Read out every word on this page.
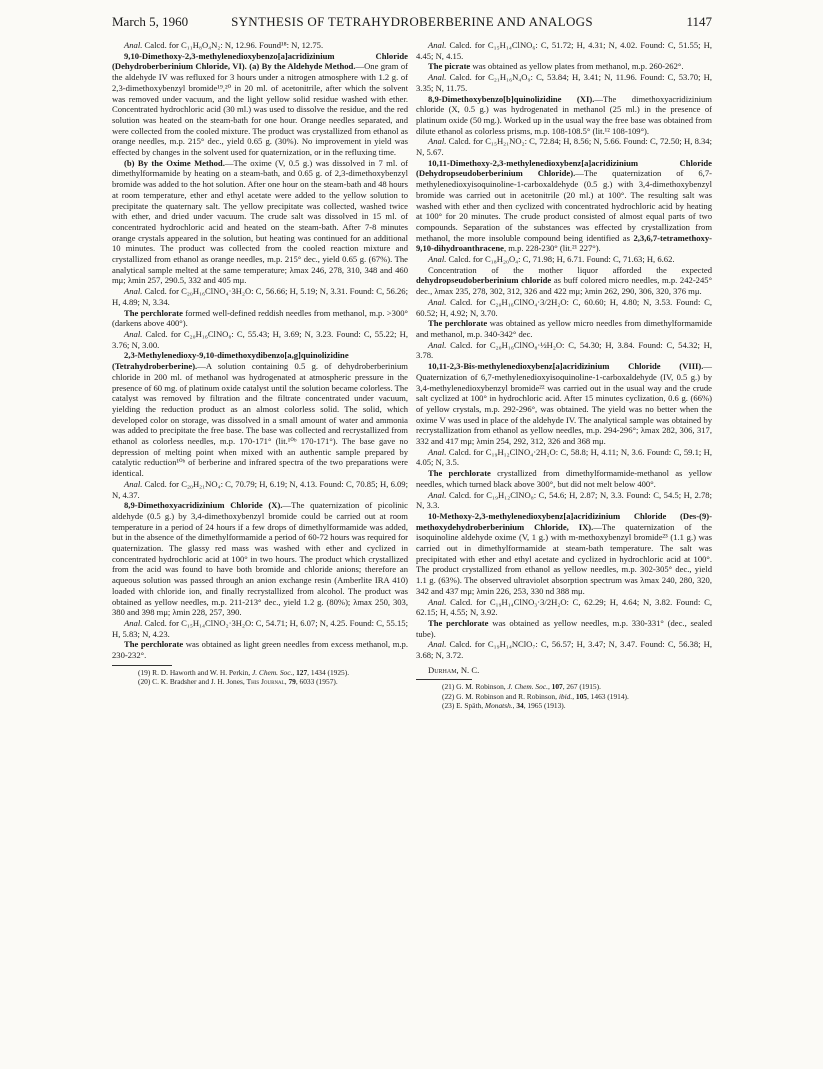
March 5, 1960	SYNTHESIS OF TETRAHYDROBERBERINE AND ANALOGS	1147

Anal. Calcd. for C₁₁H₈O₄N₂: N, 12.96. Found¹⁸: N, 12.75.

9,10-Dimethoxy-2,3-methylenedioxybenzo[a]acridizinium Chloride (Dehydroberberinium Chloride, VI). (a) By the Aldehyde Method.—One gram of the aldehyde IV was refluxed for 3 hours under a nitrogen atmosphere with 1.2 g. of 2,3-dimethoxybenzyl bromide¹⁹,²⁰ in 20 ml. of acetonitrile, after which the solvent was removed under vacuum, and the light yellow solid residue washed with ether. Concentrated hydrochloric acid (30 ml.) was used to dissolve the residue, and the red solution was heated on the steam-bath for one hour. Orange needles separated, and were collected from the cooled mixture. The product was crystallized from ethanol as orange needles, m.p. 215° dec., yield 0.65 g. (30%). No improvement in yield was effected by changes in the solvent used for quaternization, or in the refluxing time.

(b) By the Oxime Method.—The oxime (V, 0.5 g.) was dissolved in 7 ml. of dimethylformamide by heating on a steam-bath, and 0.65 g. of 2,3-dimethoxybenzyl bromide was added to the hot solution. After one hour on the steam-bath and 48 hours at room temperature, ether and ethyl acetate were added to the yellow solution to precipitate the quaternary salt. The yellow precipitate was collected, washed twice with ether, and dried under vacuum. The crude salt was dissolved in 15 ml. of concentrated hydrochloric acid and heated on the steam-bath. After 7-8 minutes orange crystals appeared in the solution, but heating was continued for an additional 10 minutes. The product was collected from the cooled reaction mixture and crystallized from ethanol as orange needles, m.p. 215° dec., yield 0.65 g. (67%). The analytical sample melted at the same temperature; λmax 246, 278, 310, 348 and 460 mμ; λmin 257, 290.5, 332 and 405 mμ.

Anal. Calcd. for C₂₀H₁₆ClNO₄·3H₂O: C, 56.66; H, 5.19; N, 3.31. Found: C, 56.26; H, 4.89; N, 3.34.

The perchlorate formed well-defined reddish needles from methanol, m.p. >300° (darkens above 400°).

Anal. Calcd. for C₂₀H₁₆ClNO₈: C, 55.43; H, 3.69; N, 3.23. Found: C, 55.22; H, 3.76; N, 3.00.

2,3-Methylenedioxy-9,10-dimethoxydibenzo[a,g]quinolizidine (Tetrahydroberberine).—A solution containing 0.5 g. of dehydroberberinium chloride in 200 ml. of methanol was hydrogenated at atmospheric pressure in the presence of 60 mg. of platinum oxide catalyst until the solution became colorless. The catalyst was removed by filtration and the filtrate concentrated under vacuum, yielding the reduction product as an almost colorless solid. The solid, which developed color on storage, was dissolved in a small amount of water and ammonia was added to precipitate the free base. The base was collected and recrystallized from ethanol as colorless needles, m.p. 170-171° (lit.¹⁰ᵇ 170-171°). The base gave no depression of melting point when mixed with an authentic sample prepared by catalytic reduction¹⁰ᵇ of berberine and infrared spectra of the two preparations were identical.

Anal. Calcd. for C₂₀H₂₁NO₄: C, 70.79; H, 6.19; N, 4.13. Found: C, 70.85; H, 6.09; N, 4.37.

8,9-Dimethoxyacridizinium Chloride (X).—The quaternization of picolinic aldehyde (0.5 g.) by 3,4-dimethoxybenzyl bromide could be carried out at room temperature in a period of 24 hours if a few drops of dimethylformamide was added, but in the absence of the dimethylformamide a period of 60-72 hours was required for quaternization. The glassy red mass was washed with ether and cyclized in concentrated hydrochloric acid at 100° in two hours. The product which crystallized from the acid was found to have both bromide and chloride anions; therefore an aqueous solution was passed through an anion exchange resin (Amberlite IRA 410) loaded with chloride ion, and finally recrystallized from alcohol. The product was obtained as yellow needles, m.p. 211-213° dec., yield 1.2 g. (80%); λmax 250, 303, 380 and 398 mμ; λmin 228, 257, 390.

Anal. Calcd. for C₁₅H₁₄ClNO₂·3H₂O: C, 54.71; H, 6.07; N, 4.25. Found: C, 55.15; H, 5.83; N, 4.23.

The perchlorate was obtained as light green needles from excess methanol, m.p. 230-232°.

(19) R. D. Haworth and W. H. Perkin, J. Chem. Soc., 127, 1434 (1925).

(20) C. K. Bradsher and J. H. Jones, This Journal, 79, 6033 (1957).

Anal. Calcd. for C₁₅H₁₄ClNO₆: C, 51.72; H, 4.31; N, 4.02. Found: C, 51.55; H, 4.45; N, 4.15.

The picrate was obtained as yellow plates from methanol, m.p. 260-262°.

Anal. Calcd. for C₂₁H₁₆N₄O₉: C, 53.84; H, 3.41; N, 11.96. Found: C, 53.70; H, 3.35; N, 11.75.

8,9-Dimethoxybenzo[b]quinolizidine (XI).—The dimethoxyacridizinium chloride (X, 0.5 g.) was hydrogenated in methanol (25 ml.) in the presence of platinum oxide (50 mg.). Worked up in the usual way the free base was obtained from dilute ethanol as colorless prisms, m.p. 108-108.5° (lit.¹² 108-109°).

Anal. Calcd. for C₁₅H₂₁NO₂: C, 72.84; H, 8.56; N, 5.66. Found: C, 72.50; H, 8.34; N, 5.67.

10,11-Dimethoxy-2,3-methylenedioxybenz[a]acridizinium Chloride (Dehydropseudoberberinium Chloride).—The quaternization of 6,7-methylenedioxyisoquinoline-1-carboxaldehyde (0.5 g.) with 3,4-dimethoxybenzyl bromide was carried out in acetonitrile (20 ml.) at 100°. The resulting salt was washed with ether and then cyclized with concentrated hydrochloric acid by heating at 100° for 20 minutes. The crude product consisted of almost equal parts of two compounds. Separation of the substances was effected by crystallization from methanol, the more insoluble compound being identified as 2,3,6,7-tetramethoxy-9,10-dihydroanthracene, m.p. 228-230° (lit.²¹ 227°).

Anal. Calcd. for C₁₈H₂₀O₄: C, 71.98; H, 6.71. Found: C, 71.63; H, 6.62.

Concentration of the mother liquor afforded the expected dehydropseudoberberinium chloride as buff colored micro needles, m.p. 242-245° dec., λmax 235, 278, 302, 312, 326 and 422 mμ; λmin 262, 290, 306, 320, 376 mμ.

Anal. Calcd. for C₂₀H₁₆ClNO₄·3/2H₂O: C, 60.60; H, 4.80; N, 3.53. Found: C, 60.52; H, 4.92; N, 3.70.

The perchlorate was obtained as yellow micro needles from dimethylformamide and methanol, m.p. 340-342° dec.

Anal. Calcd. for C₂₀H₁₆ClNO₈·½H₂O: C, 54.30; H, 3.84. Found: C, 54.32; H, 3.78.

10,11-2,3-Bis-methylenedioxybenz[a]acridizinium Chloride (VIII).—Quaternization of 6,7-methylenedioxyisoquinoline-1-carboxaldehyde (IV, 0.5 g.) by 3,4-methylenedioxybenzyl bromide²² was carried out in the usual way and the crude salt cyclized at 100° in hydrochloric acid. After 15 minutes cyclization, 0.6 g. (66%) of yellow crystals, m.p. 292-296°, was obtained. The yield was no better when the oxime V was used in place of the aldehyde IV. The analytical sample was obtained by recrystallization from ethanol as yellow needles, m.p. 294-296°; λmax 282, 306, 317, 332 and 417 mμ; λmin 254, 292, 312, 326 and 368 mμ.

Anal. Calcd. for C₁₉H₁₂ClNO₄·2H₂O: C, 58.8; H, 4.11; N, 3.6. Found: C, 59.1; H, 4.05; N, 3.5.

The perchlorate crystallized from dimethylformamide-methanol as yellow needles, which turned black above 300°, but did not melt below 400°.

Anal. Calcd. for C₁₉H₁₂ClNO₈: C, 54.6; H, 2.87; N, 3.3. Found: C, 54.5; H, 2.78; N, 3.3.

10-Methoxy-2,3-methylenedioxybenz[a]acridizinium Chloride (Des-(9)-methoxydehydroberberinium Chloride, IX).—The quaternization of the isoquinoline aldehyde oxime (V, 1 g.) with m-methoxybenzyl bromide²³ (1.1 g.) was carried out in dimethylformamide at steam-bath temperature. The salt was precipitated with ether and ethyl acetate and cyclized in hydrochloric acid at 100°. The product crystallized from ethanol as yellow needles, m.p. 302-305° dec., yield 1.1 g. (63%). The observed ultraviolet absorption spectrum was λmax 240, 280, 320, 342 and 437 mμ; λmin 226, 253, 330 nd 388 mμ.

Anal. Calcd. for C₁₉H₁₄ClNO₃·3/2H₂O: C, 62.29; H, 4.64; N, 3.82. Found: C, 62.15; H, 4.55; N, 3.92.

The perchlorate was obtained as yellow needles, m.p. 330-331° (dec., sealed tube).

Anal. Calcd. for C₁₉H₁₄NClO₇: C, 56.57; H, 3.47; N, 3.47. Found: C, 56.38; H, 3.68; N, 3.72.

Durham, N. C.

(21) G. M. Robinson, J. Chem. Soc., 107, 267 (1915).

(22) G. M. Robinson and R. Robinson, ibid., 105, 1463 (1914).

(23) E. Späth, Monatsh., 34, 1965 (1913).
